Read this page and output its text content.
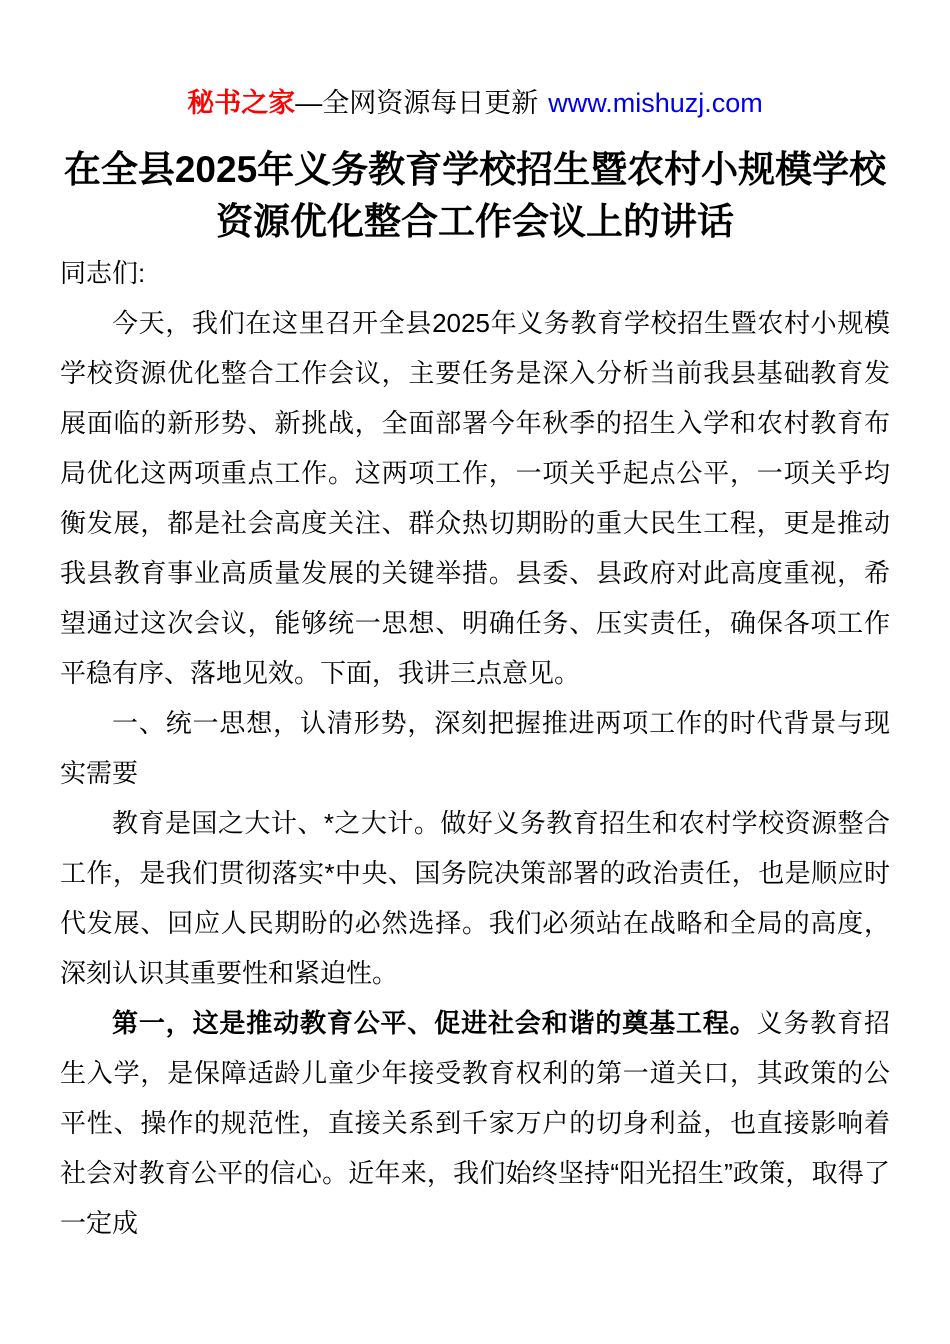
秘书之家—全网资源每日更新 www.mishuzj.com
在全县2025年义务教育学校招生暨农村小规模学校资源优化整合工作会议上的讲话

同志们:

今天，我们在这里召开全县2025年义务教育学校招生暨农村小规模学校资源优化整合工作会议，主要任务是深入分析当前我县基础教育发展面临的新形势、新挑战，全面部署今年秋季的招生入学和农村教育布局优化这两项重点工作。这两项工作，一项关乎起点公平，一项关乎均衡发展，都是社会高度关注、群众热切期盼的重大民生工程，更是推动我县教育事业高质量发展的关键举措。县委、县政府对此高度重视，希望通过这次会议，能够统一思想、明确任务、压实责任，确保各项工作平稳有序、落地见效。下面，我讲三点意见。

一、统一思想，认清形势，深刻把握推进两项工作的时代背景与现实需要

教育是国之大计、*之大计。做好义务教育招生和农村学校资源整合工作，是我们贯彻落实*中央、国务院决策部署的政治责任，也是顺应时代发展、回应人民期盼的必然选择。我们必须站在战略和全局的高度，深刻认识其重要性和紧迫性。

第一，这是推动教育公平、促进社会和谐的奠基工程。义务教育招生入学，是保障适龄儿童少年接受教育权利的第一道关口，其政策的公平性、操作的规范性，直接关系到千家万户的切身利益，也直接影响着社会对教育公平的信心。近年来，我们始终坚持“阳光招生”政策，取得了一定成
